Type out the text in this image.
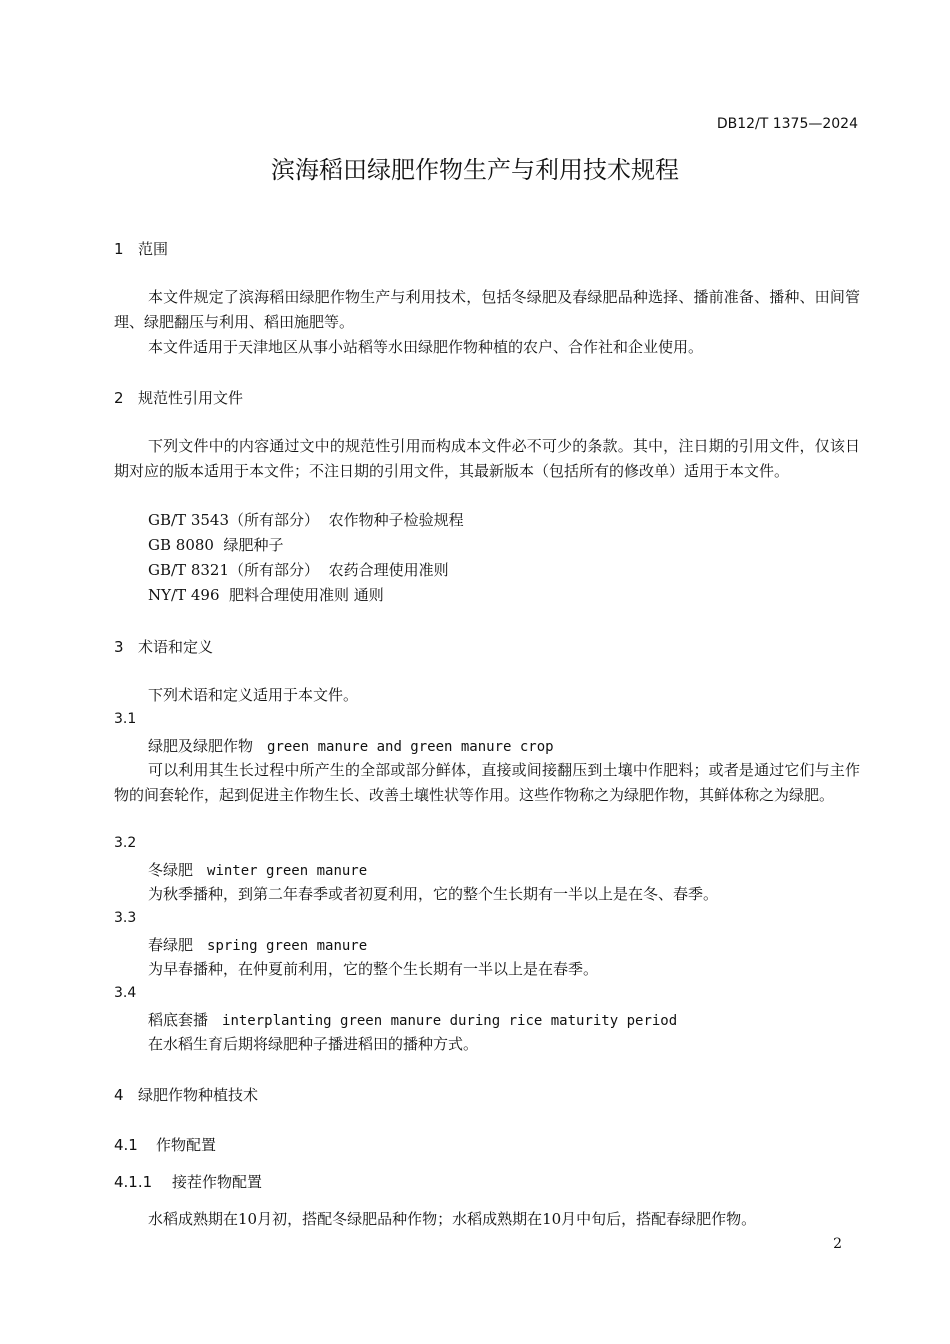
DB12/T 1375—2024
滨海稻田绿肥作物生产与利用技术规程
1 范围
本文件规定了滨海稻田绿肥作物生产与利用技术，包括冬绿肥及春绿肥品种选择、播前准备、播种、田间管理、绿肥翻压与利用、稻田施肥等。
本文件适用于天津地区从事小站稻等水田绿肥作物种植的农户、合作社和企业使用。
2 规范性引用文件
下列文件中的内容通过文中的规范性引用而构成本文件必不可少的条款。其中，注日期的引用文件，仅该日期对应的版本适用于本文件；不注日期的引用文件，其最新版本（包括所有的修改单）适用于本文件。
GB/T 3543（所有部分） 农作物种子检验规程
GB 8080 绿肥种子
GB/T 8321（所有部分） 农药合理使用准则
NY/T 496 肥料合理使用准则 通则
3 术语和定义
下列术语和定义适用于本文件。
3.1
绿肥及绿肥作物 green manure and green manure crop
可以利用其生长过程中所产生的全部或部分鲜体，直接或间接翻压到土壤中作肥料；或者是通过它们与主作物的间套轮作，起到促进主作物生长、改善土壤性状等作用。这些作物称之为绿肥作物，其鲜体称之为绿肥。
3.2
冬绿肥 winter green manure
为秋季播种，到第二年春季或者初夏利用，它的整个生长期有一半以上是在冬、春季。
3.3
春绿肥 spring green manure
为早春播种，在仲夏前利用，它的整个生长期有一半以上是在春季。
3.4
稻底套播 interplanting green manure during rice maturity period
在水稻生育后期将绿肥种子播进稻田的播种方式。
4 绿肥作物种植技术
4.1 作物配置
4.1.1 接茬作物配置
水稻成熟期在10月初，搭配冬绿肥品种作物；水稻成熟期在10月中旬后，搭配春绿肥作物。
2
